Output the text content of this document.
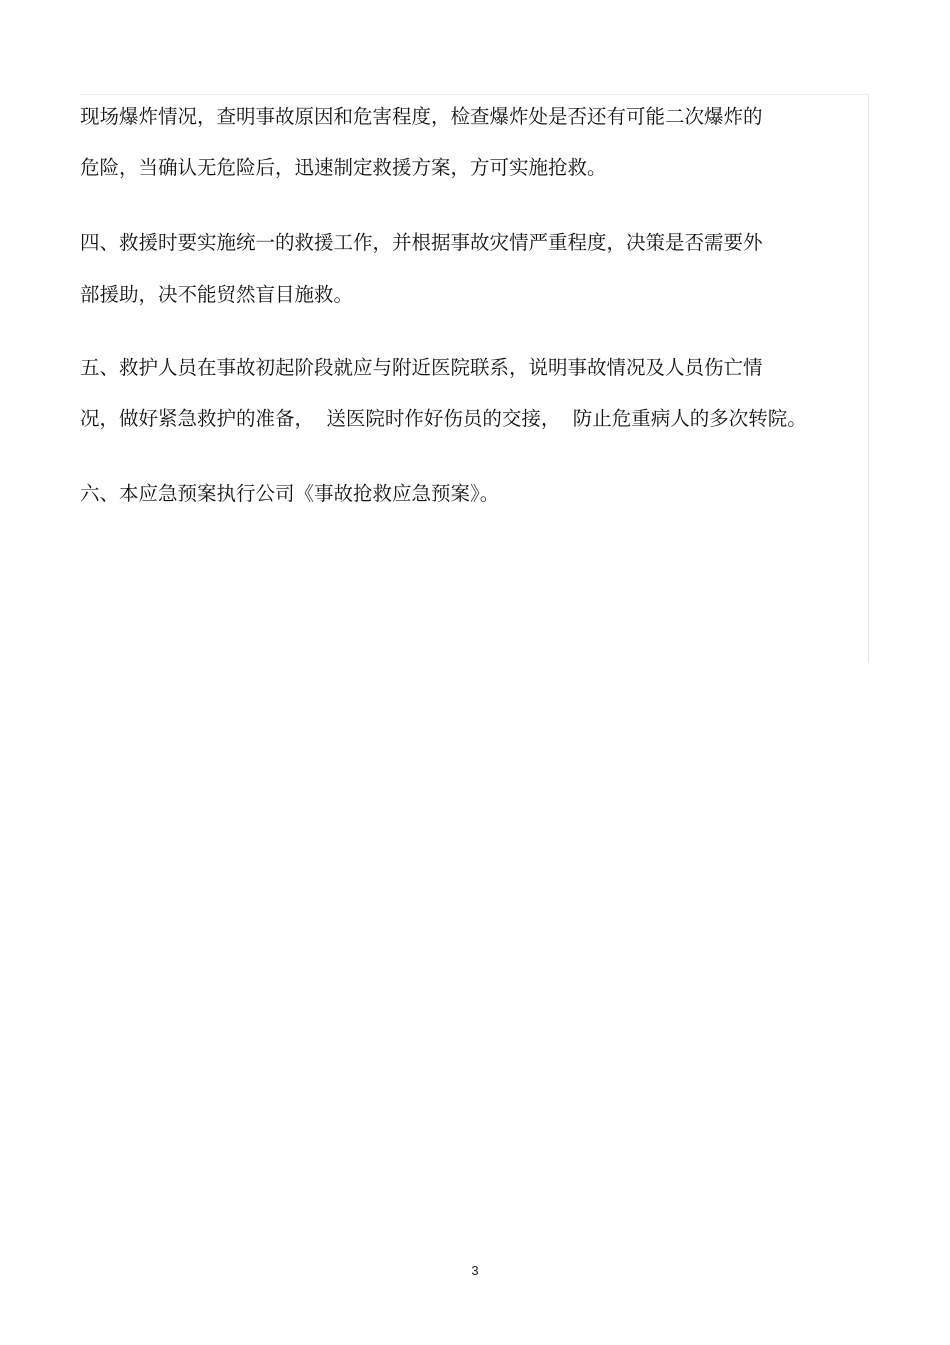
现场爆炸情况，查明事故原因和危害程度，检查爆炸处是否还有可能二次爆炸的
危险，当确认无危险后，迅速制定救援方案，方可实施抢救。
四、救援时要实施统一的救援工作，并根据事故灾情严重程度，决策是否需要外
部援助，决不能贸然盲目施救。
五、救护人员在事故初起阶段就应与附近医院联系，说明事故情况及人员伤亡情
况，做好紧急救护的准备，  送医院时作好伤员的交接，  防止危重病人的多次转院。
六、本应急预案执行公司《事故抢救应急预案》。
3
